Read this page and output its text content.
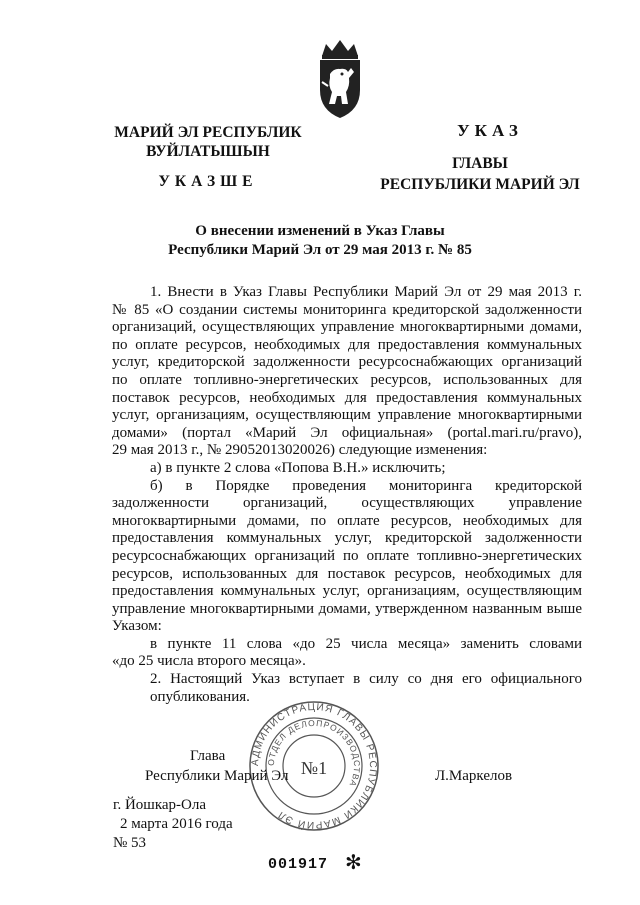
МАРИЙ ЭЛ РЕСПУБЛИК
ВУЙЛАТЫШЫН
УКАЗШЕ
УКАЗ
ГЛАВЫ
РЕСПУБЛИКИ МАРИЙ ЭЛ
О внесении изменений в Указ Главы
Республики Марий Эл от 29 мая 2013 г. № 85
1. Внести в Указ Главы Республики Марий Эл от 29 мая 2013 г.
№ 85 «О создании системы мониторинга кредиторской задолженности
организаций, осуществляющих управление многоквартирными домами,
по оплате ресурсов, необходимых для предоставления коммунальных
услуг, кредиторской задолженности ресурсоснабжающих организаций
по оплате топливно-энергетических ресурсов, использованных для
поставок ресурсов, необходимых для предоставления коммунальных
услуг, организациям, осуществляющим управление многоквартирными
домами» (портал «Марий Эл официальная» (portal.mari.ru/pravo),
29 мая 2013 г., № 29052013020026) следующие изменения:
а) в пункте 2 слова «Попова В.Н.» исключить;
б) в Порядке проведения мониторинга кредиторской
задолженности организаций, осуществляющих управление
многоквартирными домами, по оплате ресурсов, необходимых для
предоставления коммунальных услуг, кредиторской задолженности
ресурсоснабжающих организаций по оплате топливно-энергетических
ресурсов, использованных для поставок ресурсов, необходимых для
предоставления коммунальных услуг, организациям, осуществляющим
управление многоквартирными домами, утвержденном названным выше
Указом:
в пункте 11 слова «до 25 числа месяца» заменить словами
«до 25 числа второго месяца».
2. Настоящий Указ вступает в силу со дня его официального
опубликования.
АДМИНИСТРАЦИЯ ГЛАВЫ РЕСПУБЛИКИ МАРИЙ ЭЛ
ОТДЕЛ ДЕЛОПРОИЗВОДСТВА
№1
Глава
Республики Марий Эл	Л.Маркелов
г. Йошкар-Ола
2 марта 2016 года
№ 53
001917 ✻
